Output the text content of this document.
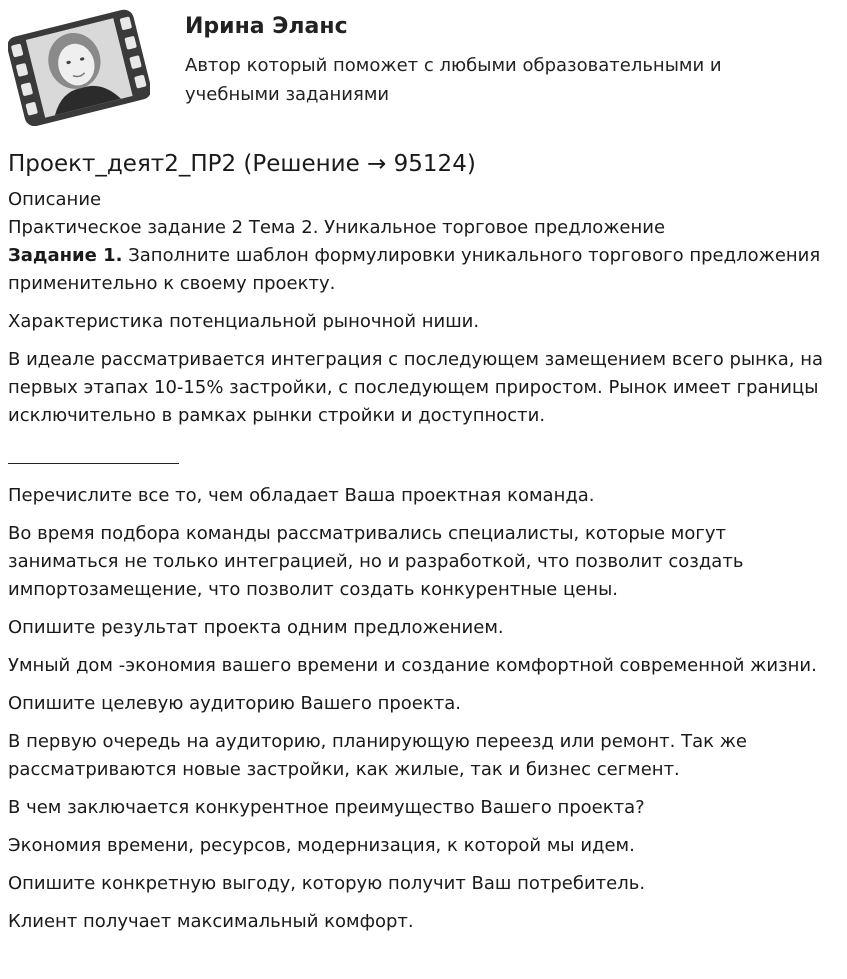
Ирина Эланс
Автор который поможет с любыми образовательными и учебными заданиями
Проект_деят2_ПР2 (Решение → 95124)

Описание

Практическое задание 2 Тема 2. Уникальное торговое предложение

Задание 1. Заполните шаблон формулировки уникального торгового предложения применительно к своему проекту.

Характеристика потенциальной рыночной ниши.

В идеале рассматривается интеграция с последующем замещением всего рынка, на первых этапах 10-15% застройки, с последующем приростом. Рынок имеет границы исключительно в рамках рынки стройки и доступности.

Перечислите все то, чем обладает Ваша проектная команда.

Во время подбора команды рассматривались специалисты, которые могут заниматься не только интеграцией, но и разработкой, что позволит создать импортозамещение, что позволит создать конкурентные цены.

Опишите результат проекта одним предложением.

Умный дом -экономия вашего времени и создание комфортной современной жизни.

Опишите целевую аудиторию Вашего проекта.

В первую очередь на аудиторию, планирующую переезд или ремонт. Так же рассматриваются новые застройки, как жилые, так и бизнес сегмент.

В чем заключается конкурентное преимущество Вашего проекта?

Экономия времени, ресурсов, модернизация, к которой мы идем.

Опишите конкретную выгоду, которую получит Ваш потребитель.

Клиент получает максимальный комфорт.
